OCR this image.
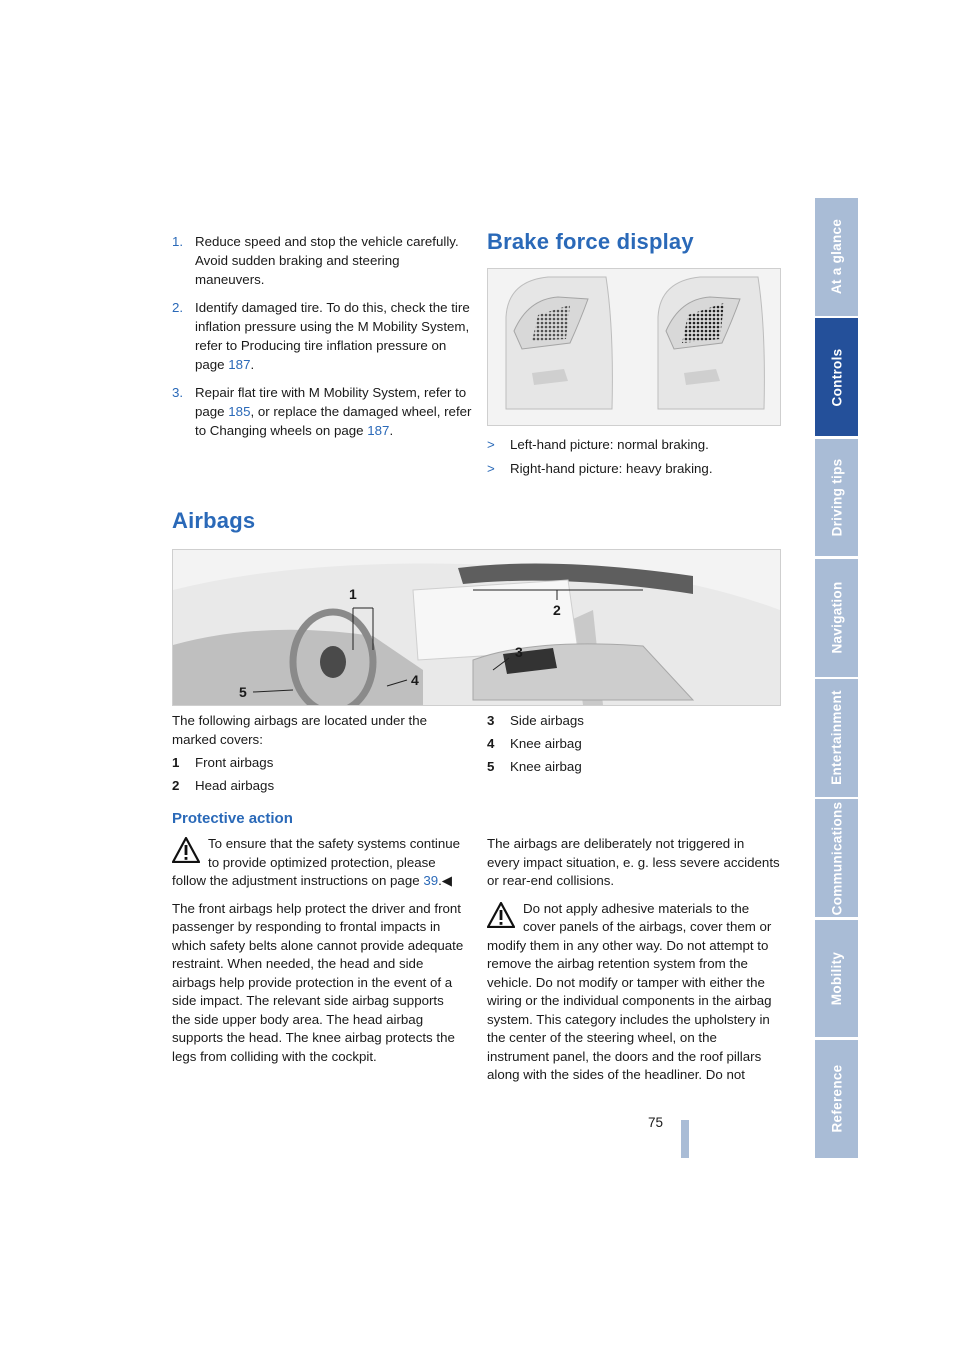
At a glance
Controls
Driving tips
Navigation
Entertainment
Communications
Mobility
Reference
1. Reduce speed and stop the vehicle carefully. Avoid sudden braking and steering maneuvers.
2. Identify damaged tire. To do this, check the tire inflation pressure using the M Mobility System, refer to Producing tire inflation pressure on page 187.
3. Repair flat tire with M Mobility System, refer to page 185, or replace the damaged wheel, refer to Changing wheels on page 187.
Brake force display
>	Left-hand picture: normal braking.
>	Right-hand picture: heavy braking.
Airbags
1
2
3
4
5
The following airbags are located under the marked covers:
1	Front airbags
2	Head airbags
3	Side airbags
4	Knee airbag
5	Knee airbag
Protective action

To ensure that the safety systems continue to provide optimized protection, please follow the adjustment instructions on page 39.◀

The front airbags help protect the driver and front passenger by responding to frontal impacts in which safety belts alone cannot provide adequate restraint. When needed, the head and side airbags help provide protection in the event of a side impact. The relevant side airbag supports the side upper body area. The head airbag supports the head. The knee airbag protects the legs from colliding with the cockpit.

The airbags are deliberately not triggered in every impact situation, e. g. less severe accidents or rear-end collisions.

Do not apply adhesive materials to the cover panels of the airbags, cover them or modify them in any other way. Do not attempt to remove the airbag retention system from the vehicle. Do not modify or tamper with either the wiring or the individual components in the airbag system. This category includes the upholstery in the center of the steering wheel, on the instrument panel, the doors and the roof pillars along with the sides of the headliner. Do not

75
